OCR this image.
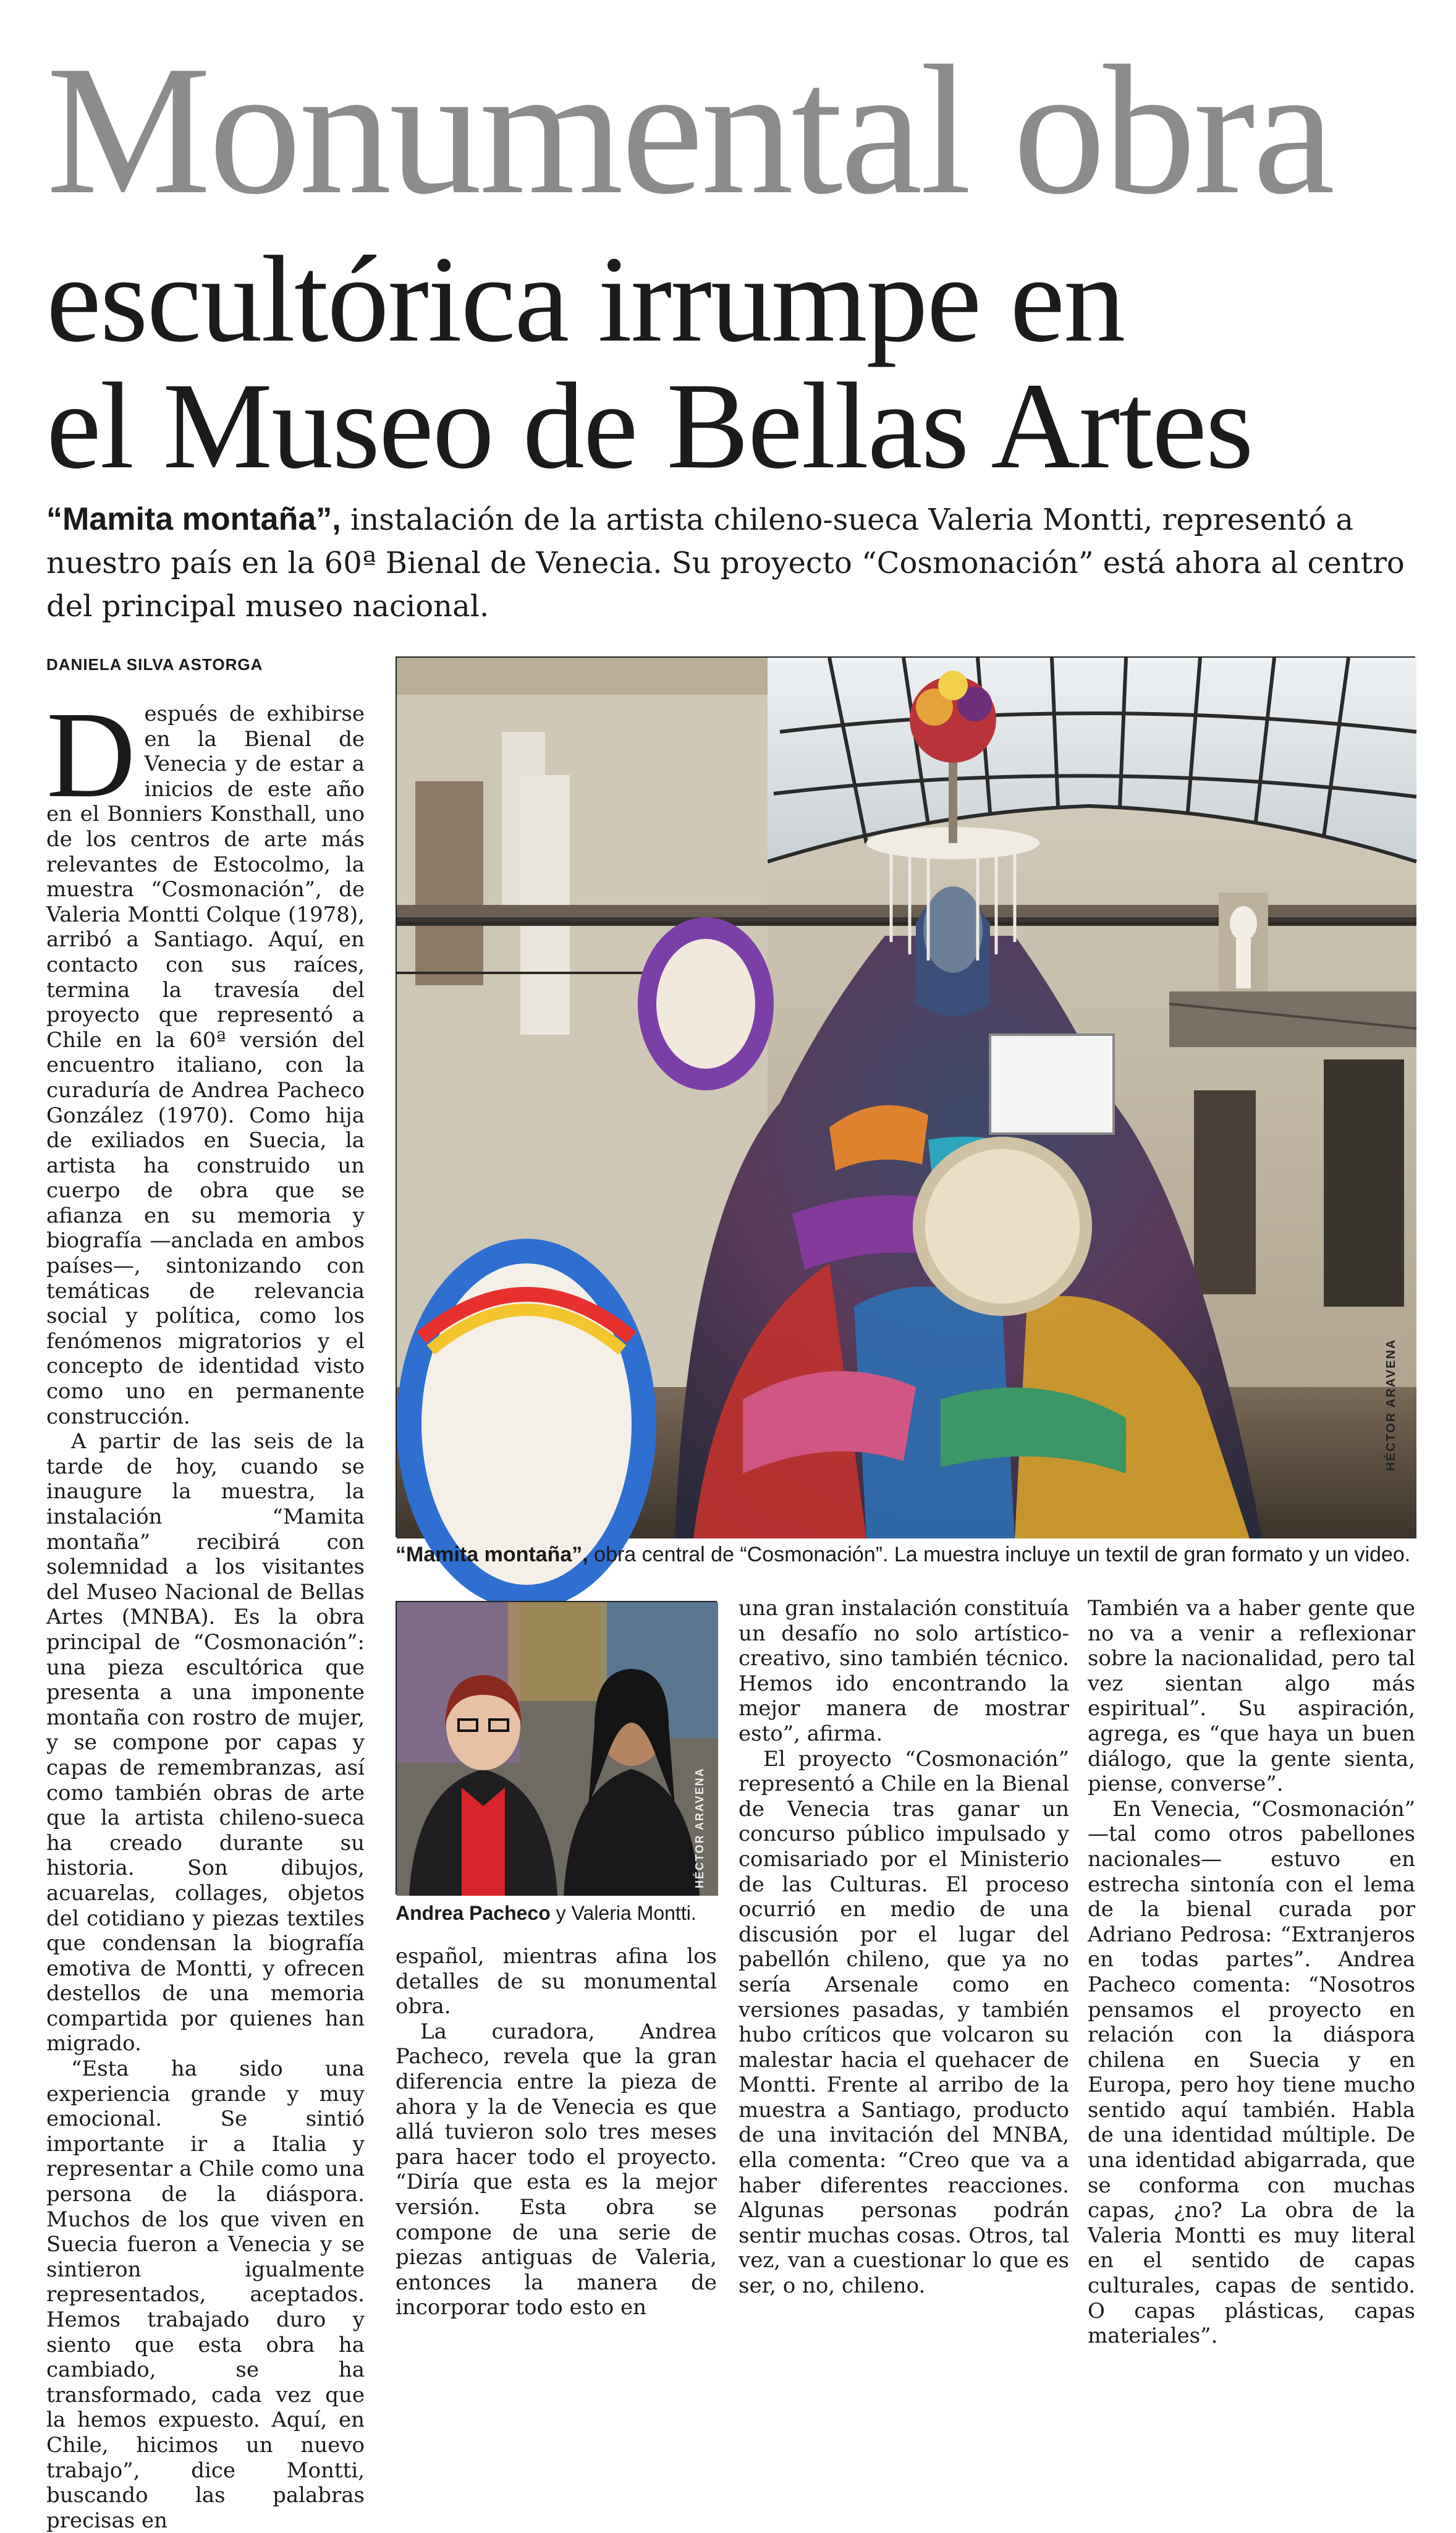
Monumental obra
escultórica irrumpe en
el Museo de Bellas Artes
“Mamita montaña”, instalación de la artista chileno-sueca Valeria Montti, representó a nuestro país en la 60ª Bienal de Venecia. Su proyecto “Cosmonación” está ahora al centro del principal museo nacional.
DANIELA SILVA ASTORGA

Después de exhibirse en la Bienal de Venecia y de estar a inicios de este año en el Bonniers Konsthall, uno de los centros de arte más relevantes de Estocolmo, la muestra “Cosmonación”, de Valeria Montti Colque (1978), arribó a Santiago. Aquí, en contacto con sus raíces, termina la travesía del proyecto que representó a Chile en la 60ª versión del encuentro italiano, con la curaduría de Andrea Pacheco González (1970). Como hija de exiliados en Suecia, la artista ha construido un cuerpo de obra que se afianza en su memoria y biografía —anclada en ambos países—, sintonizando con temáticas de relevancia social y política, como los fenómenos migratorios y el concepto de identidad visto como uno en permanente construcción.

A partir de las seis de la tarde de hoy, cuando se inaugure la muestra, la instalación “Mamita montaña” recibirá con solemnidad a los visitantes del Museo Nacional de Bellas Artes (MNBA). Es la obra principal de “Cosmonación”: una pieza escultórica que presenta a una imponente montaña con rostro de mujer, y se compone por capas y capas de remembranzas, así como también obras de arte que la artista chileno-sueca ha creado durante su historia. Son dibujos, acuarelas, collages, objetos del cotidiano y piezas textiles que condensan la biografía emotiva de Montti, y ofrecen destellos de una memoria compartida por quienes han migrado.

“Esta ha sido una experiencia grande y muy emocional. Se sintió importante ir a Italia y representar a Chile como una persona de la diáspora. Muchos de los que viven en Suecia fueron a Venecia y se sintieron igualmente representados, aceptados. Hemos trabajado duro y siento que esta obra ha cambiado, se ha transformado, cada vez que la hemos expuesto. Aquí, en Chile, hicimos un nuevo trabajo”, dice Montti, buscando las palabras precisas en

HÉCTOR ARAVENA
“Mamita montaña”, obra central de “Cosmonación”. La muestra incluye un textil de gran formato y un video.
HÉCTOR ARAVENA
Andrea Pacheco y Valeria Montti.

español, mientras afina los detalles de su monumental obra.

La curadora, Andrea Pacheco, revela que la gran diferencia entre la pieza de ahora y la de Venecia es que allá tuvieron solo tres meses para hacer todo el proyecto. “Diría que esta es la mejor versión. Esta obra se compone de una serie de piezas antiguas de Valeria, entonces la manera de incorporar todo esto en

una gran instalación constituía un desafío no solo artístico-creativo, sino también técnico. Hemos ido encontrando la mejor manera de mostrar esto”, afirma.

El proyecto “Cosmonación” representó a Chile en la Bienal de Venecia tras ganar un concurso público impulsado y comisariado por el Ministerio de las Culturas. El proceso ocurrió en medio de una discusión por el lugar del pabellón chileno, que ya no sería Arsenale como en versiones pasadas, y también hubo críticos que volcaron su malestar hacia el quehacer de Montti. Frente al arribo de la muestra a Santiago, producto de una invitación del MNBA, ella comenta: “Creo que va a haber diferentes reacciones. Algunas personas podrán sentir muchas cosas. Otros, tal vez, van a cuestionar lo que es ser, o no, chileno.

También va a haber gente que no va a venir a reflexionar sobre la nacionalidad, pero tal vez sientan algo más espiritual”. Su aspiración, agrega, es “que haya un buen diálogo, que la gente sienta, piense, converse”.

En Venecia, “Cosmonación” —tal como otros pabellones nacionales— estuvo en estrecha sintonía con el lema de la bienal curada por Adriano Pedrosa: “Extranjeros en todas partes”. Andrea Pacheco comenta: “Nosotros pensamos el proyecto en relación con la diáspora chilena en Suecia y en Europa, pero hoy tiene mucho sentido aquí también. Habla de una identidad múltiple. De una identidad abigarrada, que se conforma con muchas capas, ¿no? La obra de la Valeria Montti es muy literal en el sentido de capas culturales, capas de sentido. O capas plásticas, capas materiales”.
